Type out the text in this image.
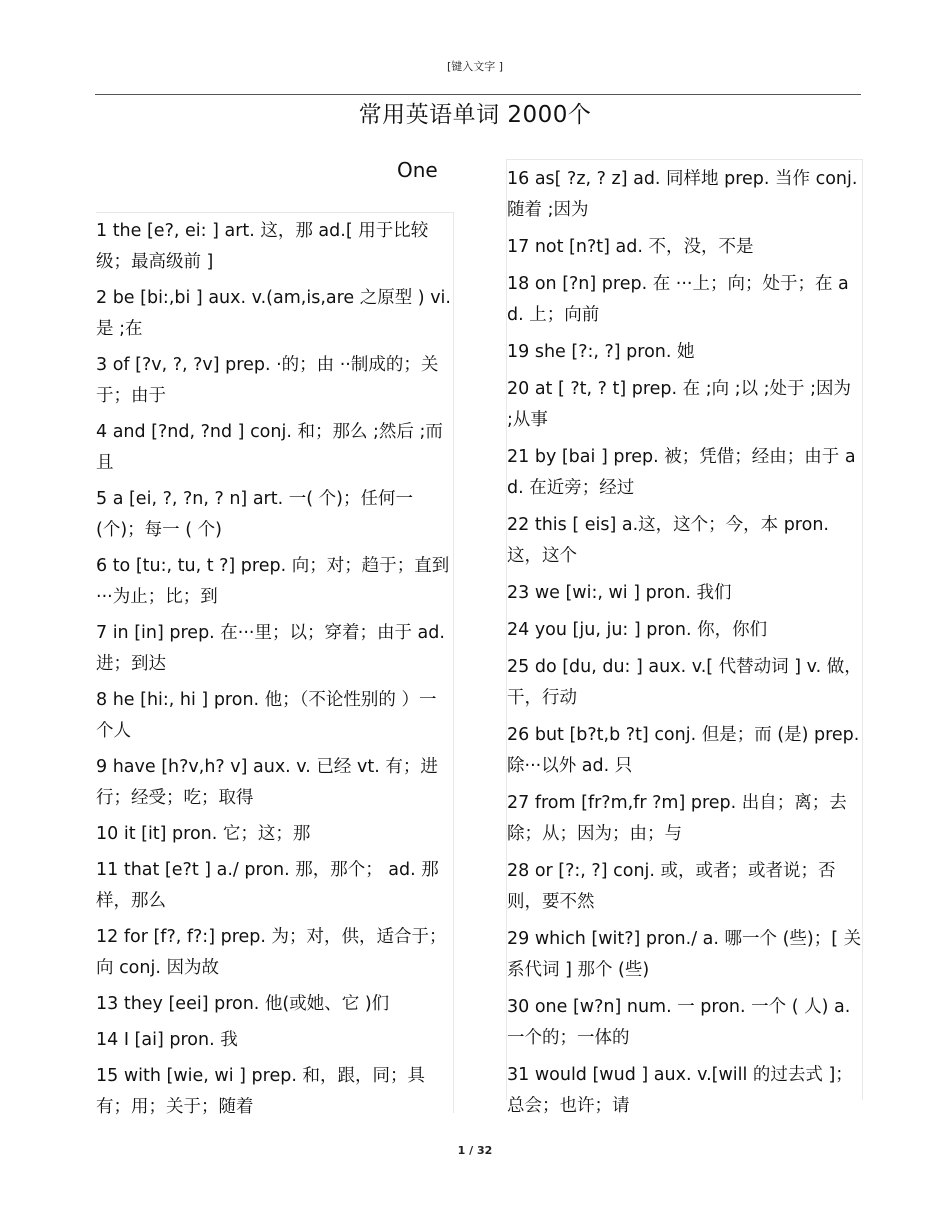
[键入文字 ]
常用英语单词 2000个
One

1 the [e?, ei: ] art. 这，那 ad.[ 用于比较级；最高级前 ]

2 be [bi:,bi ] aux. v.(am,is,are 之原型 ) vi. 是 ;在

3 of [?v, ?, ?v] prep. ·的；由 ··制成的；关于；由于

4 and [?nd, ?nd ] conj. 和；那么 ;然后 ;而且

5 a [ei, ?, ?n, ? n] art. 一( 个)；任何一(个)；每一 ( 个)

6 to [tu:, tu, t ?] prep. 向；对；趋于；直到 ···为止；比；到

7 in [in] prep. 在···里；以；穿着；由于 ad. 进；到达

8 he [hi:, hi ] pron. 他；（不论性别的 ）一个人

9 have [h?v,h? v] aux. v. 已经 vt. 有；进行；经受；吃；取得

10 it [it] pron. 它；这；那

11 that [e?t ] a./ pron. 那，那个； ad. 那样，那么

12 for [f?, f?:] prep. 为；对，供，适合于；向 conj. 因为故

13 they [eei] pron. 他(或她、它 )们

14 I [ai] pron. 我

15 with [wie, wi ] prep. 和，跟，同；具有；用；关于；随着

16 as[ ?z, ? z] ad. 同样地 prep. 当作 conj. 随着 ;因为

17 not [n?t] ad. 不，没，不是

18 on [?n] prep. 在 ···上；向；处于；在 ad. 上；向前

19 she [?:, ?] pron. 她

20 at [ ?t, ? t] prep. 在 ;向 ;以 ;处于 ;因为 ;从事

21 by [bai ] prep. 被；凭借；经由；由于 ad. 在近旁；经过

22 this [ eis] a.这，这个；今，本 pron. 这，这个

23 we [wi:, wi ] pron. 我们

24 you [ju, ju: ] pron. 你，你们

25 do [du, du: ] aux. v.[ 代替动词 ] v. 做，干，行动

26 but [b?t,b ?t] conj. 但是；而 (是) prep. 除···以外 ad. 只

27 from [fr?m,fr ?m] prep. 出自；离；去除；从；因为；由；与

28 or [?:, ?] conj. 或，或者；或者说；否则，要不然

29 which [wit?] pron./ a. 哪一个 (些)；[ 关系代词 ] 那个 (些)

30 one [w?n] num. 一 pron. 一个 ( 人) a.一个的；一体的

31 would [wud ] aux. v.[will 的过去式 ]；总会；也许；请

1 / 32
